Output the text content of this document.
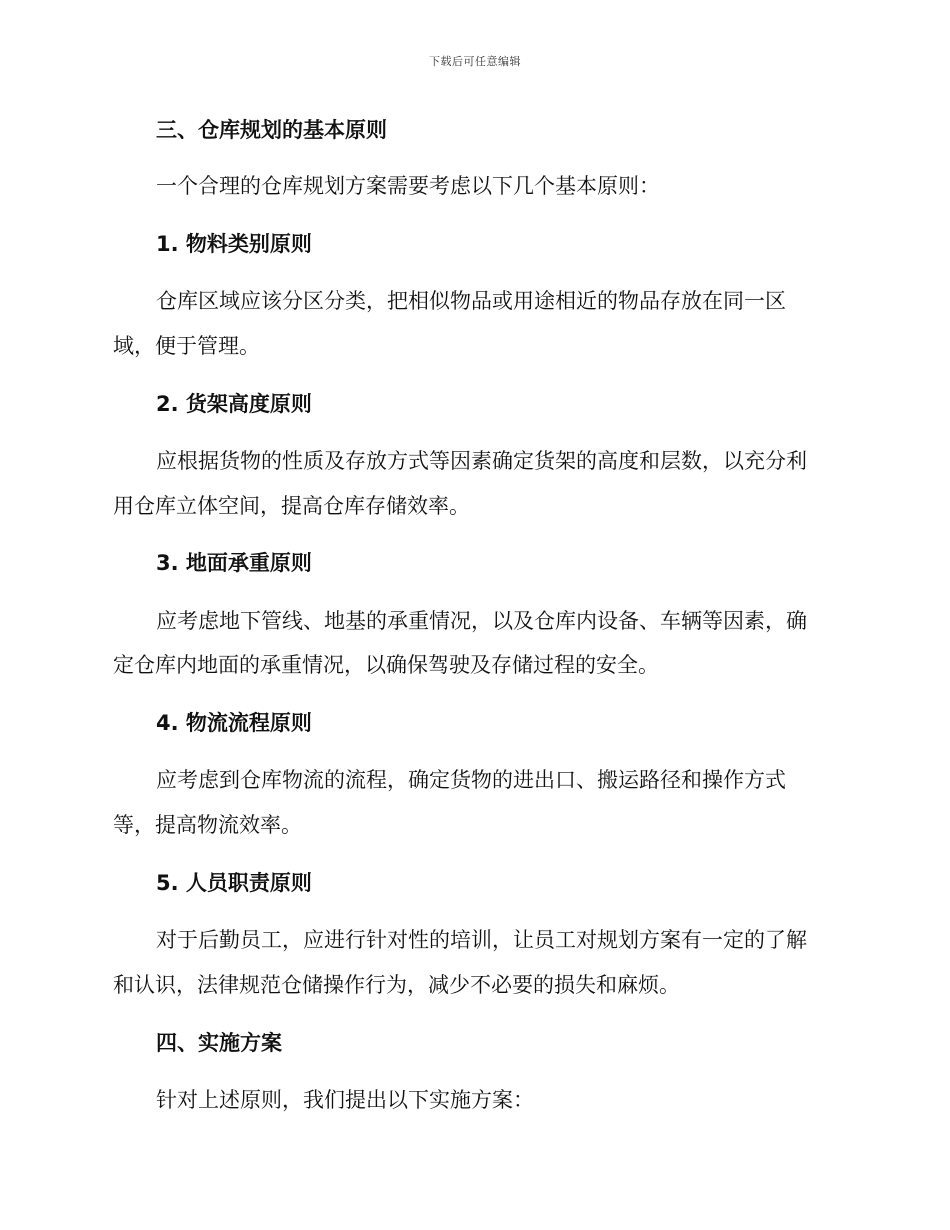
下载后可任意编辑
三、仓库规划的基本原则
一个合理的仓库规划方案需要考虑以下几个基本原则：
1. 物料类别原则
仓库区域应该分区分类，把相似物品或用途相近的物品存放在同一区
域，便于管理。
2. 货架高度原则
应根据货物的性质及存放方式等因素确定货架的高度和层数，以充分利
用仓库立体空间，提高仓库存储效率。
3. 地面承重原则
应考虑地下管线、地基的承重情况，以及仓库内设备、车辆等因素，确
定仓库内地面的承重情况，以确保驾驶及存储过程的安全。
4. 物流流程原则
应考虑到仓库物流的流程，确定货物的进出口、搬运路径和操作方式
等，提高物流效率。
5. 人员职责原则
对于后勤员工，应进行针对性的培训，让员工对规划方案有一定的了解
和认识，法律规范仓储操作行为，减少不必要的损失和麻烦。
四、实施方案
针对上述原则，我们提出以下实施方案：
